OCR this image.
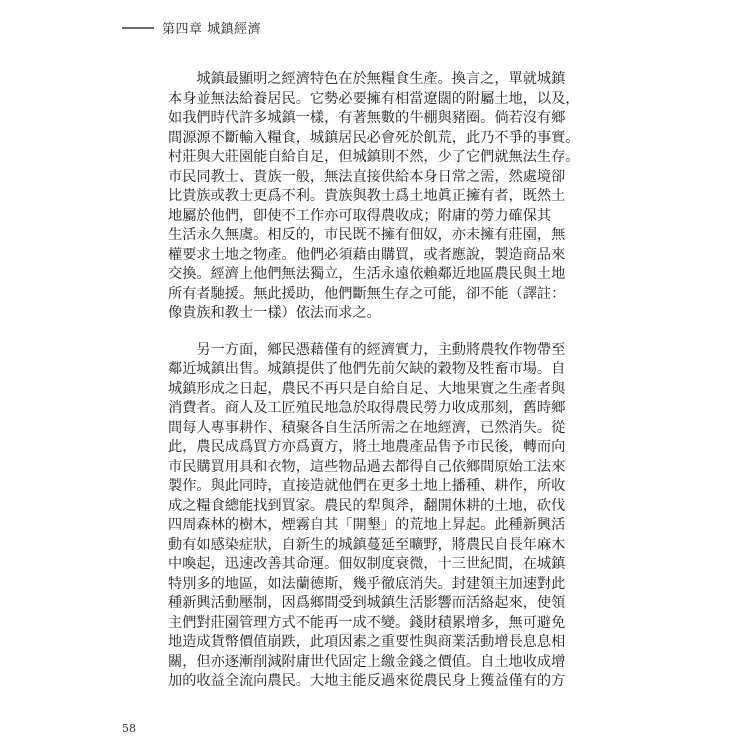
第四章 城鎮經濟

　　城鎮最顯明之經濟特色在於無糧食生產。換言之，單就城鎮
本身並無法給養居民。它勢必要擁有相當遼闊的附屬土地，以及，
如我們時代許多城鎮一樣，有著無數的牛棚與豬圈。倘若沒有鄉
間源源不斷輸入糧食，城鎮居民必會死於飢荒，此乃不爭的事實。
村莊與大莊園能自給自足，但城鎮則不然，少了它們就無法生存。
市民同教士、貴族一般，無法直接供給本身日常之需，然處境卻
比貴族或教士更爲不利。貴族與教士爲土地眞正擁有者，既然土
地屬於他們，卽使不工作亦可取得農收成；附庸的勞力確保其
生活永久無虞。相反的，市民既不擁有佃奴，亦未擁有莊園，無
權要求土地之物產。他們必須藉由購買，或者應說，製造商品來
交換。經濟上他們無法獨立，生活永遠依賴鄰近地區農民與土地
所有者馳援。無此援助，他們斷無生存之可能，卻不能（譯註：
像貴族和教士一樣）依法而求之。

　　另一方面，鄉民憑藉僅有的經濟實力，主動將農牧作物帶至
鄰近城鎮出售。城鎮提供了他們先前欠缺的穀物及牲畜市場。自
城鎮形成之日起，農民不再只是自給自足、大地果實之生產者與
消費者。商人及工匠殖民地急於取得農民勞力收成那刻，舊時鄉
間每人專事耕作、積聚各自生活所需之在地經濟，已然消失。從
此，農民成爲買方亦爲賣方，將土地農產品售予市民後，轉而向
市民購買用具和衣物，這些物品過去都得自己依鄉間原始工法來
製作。與此同時，直接造就他們在更多土地上播種、耕作，所收
成之糧食總能找到買家。農民的犁與斧，翻開休耕的土地，砍伐
四周森林的樹木，煙霧自其「開墾」的荒地上昇起。此種新興活
動有如感染症狀，自新生的城鎮蔓延至曠野，將農民自長年麻木
中喚起，迅速改善其命運。佃奴制度衰微，十三世紀間，在城鎮
特別多的地區，如法蘭德斯，幾乎徹底消失。封建領主加速對此
種新興活動壓制，因爲鄉間受到城鎮生活影響而活絡起來，使領
主們對莊園管理方式不能再一成不變。錢財積累增多，無可避免
地造成貨幣價值崩跌，此項因素之重要性與商業活動增長息息相
關，但亦逐漸削減附庸世代固定上繳金錢之價值。自土地收成增
加的收益全流向農民。大地主能反過來從農民身上獲益僅有的方

58
